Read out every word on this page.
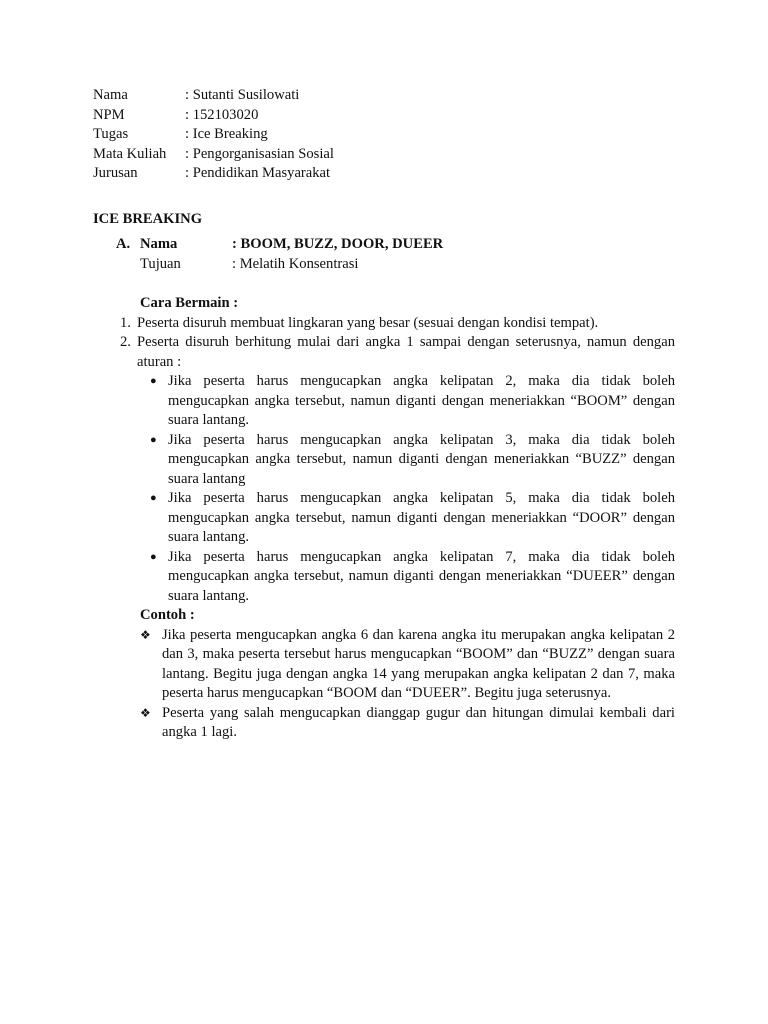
Nama	: Sutanti Susilowati
NPM	: 152103020
Tugas	: Ice Breaking
Mata Kuliah	: Pengorganisasian Sosial
Jurusan	: Pendidikan Masyarakat
ICE BREAKING
A. Nama	: BOOM, BUZZ, DOOR, DUEER
Tujuan	: Melatih Konsentrasi
Cara Bermain :
1. Peserta disuruh membuat lingkaran yang besar (sesuai dengan kondisi tempat).
2. Peserta disuruh berhitung mulai dari angka 1 sampai dengan seterusnya, namun dengan aturan :
● Jika peserta harus mengucapkan angka kelipatan 2, maka dia tidak boleh mengucapkan angka tersebut, namun diganti dengan meneriakkan “BOOM” dengan suara lantang.
● Jika peserta harus mengucapkan angka kelipatan 3, maka dia tidak boleh mengucapkan angka tersebut, namun diganti dengan meneriakkan “BUZZ” dengan suara lantang
● Jika peserta harus mengucapkan angka kelipatan 5, maka dia tidak boleh mengucapkan angka tersebut, namun diganti dengan meneriakkan “DOOR” dengan suara lantang.
● Jika peserta harus mengucapkan angka kelipatan 7, maka dia tidak boleh mengucapkan angka tersebut, namun diganti dengan meneriakkan “DUEER” dengan suara lantang.
Contoh :
❖ Jika peserta mengucapkan angka 6 dan karena angka itu merupakan angka kelipatan 2 dan 3, maka peserta tersebut harus mengucapkan “BOOM” dan “BUZZ” dengan suara lantang. Begitu juga dengan angka 14 yang merupakan angka kelipatan 2 dan 7, maka peserta harus mengucapkan “BOOM dan “DUEER”. Begitu juga seterusnya.
❖ Peserta yang salah mengucapkan dianggap gugur dan hitungan dimulai kembali dari angka 1 lagi.
